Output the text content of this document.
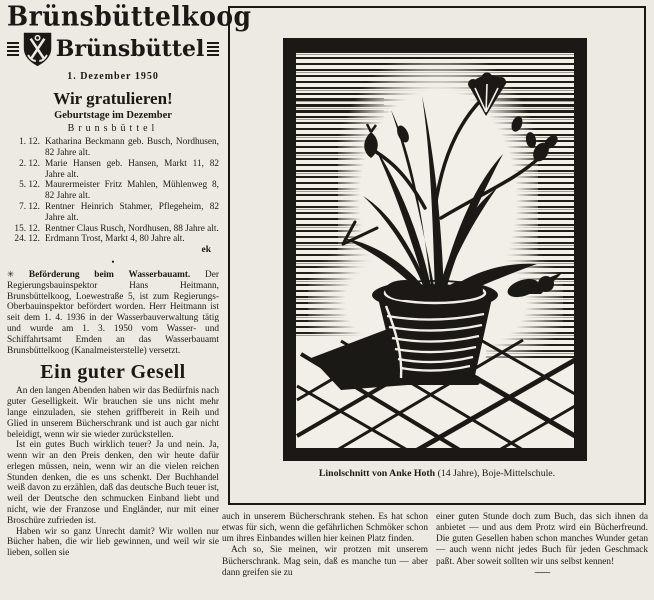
Brünsbüttelkoog
Brünsbüttel
1. Dezember 1950
Wir gratulieren!
Geburtstage im Dezember
Brunsbüttel
1. 12. Katharina Beckmann geb. Busch, Nordhusen, 82 Jahre alt.
2. 12. Marie Hansen geb. Hansen, Markt 11, 82 Jahre alt.
5. 12. Maurermeister Fritz Mahlen, Mühlenweg 8, 82 Jahre alt.
7. 12. Rentner Heinrich Stahmer, Pflegeheim, 82 Jahre alt.
15. 12. Rentner Claus Rusch, Nordhusen, 88 Jahre alt.
24. 12. Erdmann Trost, Markt 4, 80 Jahre alt.
ek
•

✳ Beförderung beim Wasserbauamt. Der Regierungsbauinspektor Hans Heitmann, Brunsbüttelkoog, Loewestraße 5, ist zum Regierungs-Oberbauinspektor befördert worden. Herr Heitmann ist seit dem 1. 4. 1936 in der Wasserbauverwaltung tätig und wurde am 1. 3. 1950 vom Wasser- und Schiffahrtsamt Emden an das Wasserbauamt Brunsbüttelkoog (Kanalmeisterstelle) versetzt.

Ein guter Gesell

An den langen Abenden haben wir das Bedürfnis nach guter Geselligkeit. Wir brauchen sie uns nicht mehr lange einzuladen, sie stehen griffbereit in Reih und Glied in unserem Bücherschrank und ist auch gar nicht beleidigt, wenn wir sie wieder zurückstellen.

Ist ein gutes Buch wirklich teuer? Ja und nein. Ja, wenn wir an den Preis denken, den wir heute dafür erlegen müssen, nein, wenn wir an die vielen reichen Stunden denken, die es uns schenkt. Der Buchhandel weiß davon zu erzählen, daß das deutsche Buch teuer ist, weil der Deutsche den schmucken Einband liebt und nicht, wie der Franzose und Engländer, nur mit einer Broschüre zufrieden ist.

Haben wir so ganz Unrecht damit? Wir wollen nur Bücher haben, die wir lieb gewinnen, und weil wir sie lieben, sollen sie

Linolschnitt von Anke Hoth (14 Jahre), Boje-Mittelschule.

auch in unserem Bücherschrank stehen. Es hat schon etwas für sich, wenn die gefährlichen Schmöker schon um ihres Einbandes willen hier keinen Platz finden.

Ach so, Sie meinen, wir protzen mit unserem Bücherschrank. Mag sein, daß es manche tun — aber dann greifen sie zu

einer guten Stunde doch zum Buch, das sich ihnen da anbietet — und aus dem Protz wird ein Bücherfreund. Die guten Gesellen haben schon manches Wunder getan — auch wenn nicht jedes Buch für jeden Geschmack paßt. Aber soweit sollten wir uns selbst kennen!

~~~~
